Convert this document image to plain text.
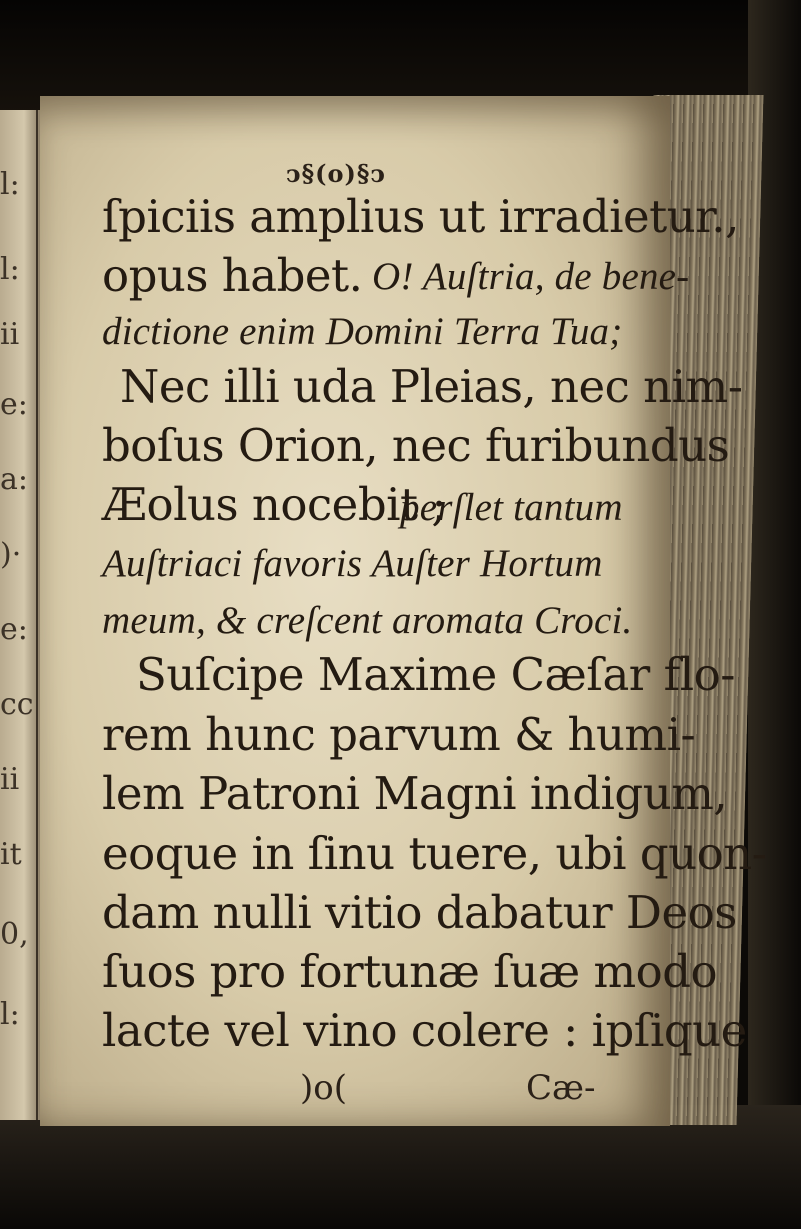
l:
l:
ii
e:
a:
)·
e:
cc
ii
it
0,
l:
ↄ§(o)§ↄ
ſpiciis amplius ut irradietur.,
opus habet. O! Auſtria, de bene-
dictione enim Domini Terra Tua;
Nec illi uda Pleias, nec nim-
boſus Orion, nec furibundus
Æolus nocebit ;
perſlet tantum
Auſtriaci favoris Auſter Hortum
meum, & creſcent aromata Croci.
Suſcipe Maxime Cæſar flo-
rem hunc parvum & humi-
lem Patroni Magni indigum,
eoque in ſinu tuere, ubi quon-
dam nulli vitio dabatur Deos
ſuos pro fortunæ ſuæ modo
lacte vel vino colere : ipſique
)o(	Cæ-
